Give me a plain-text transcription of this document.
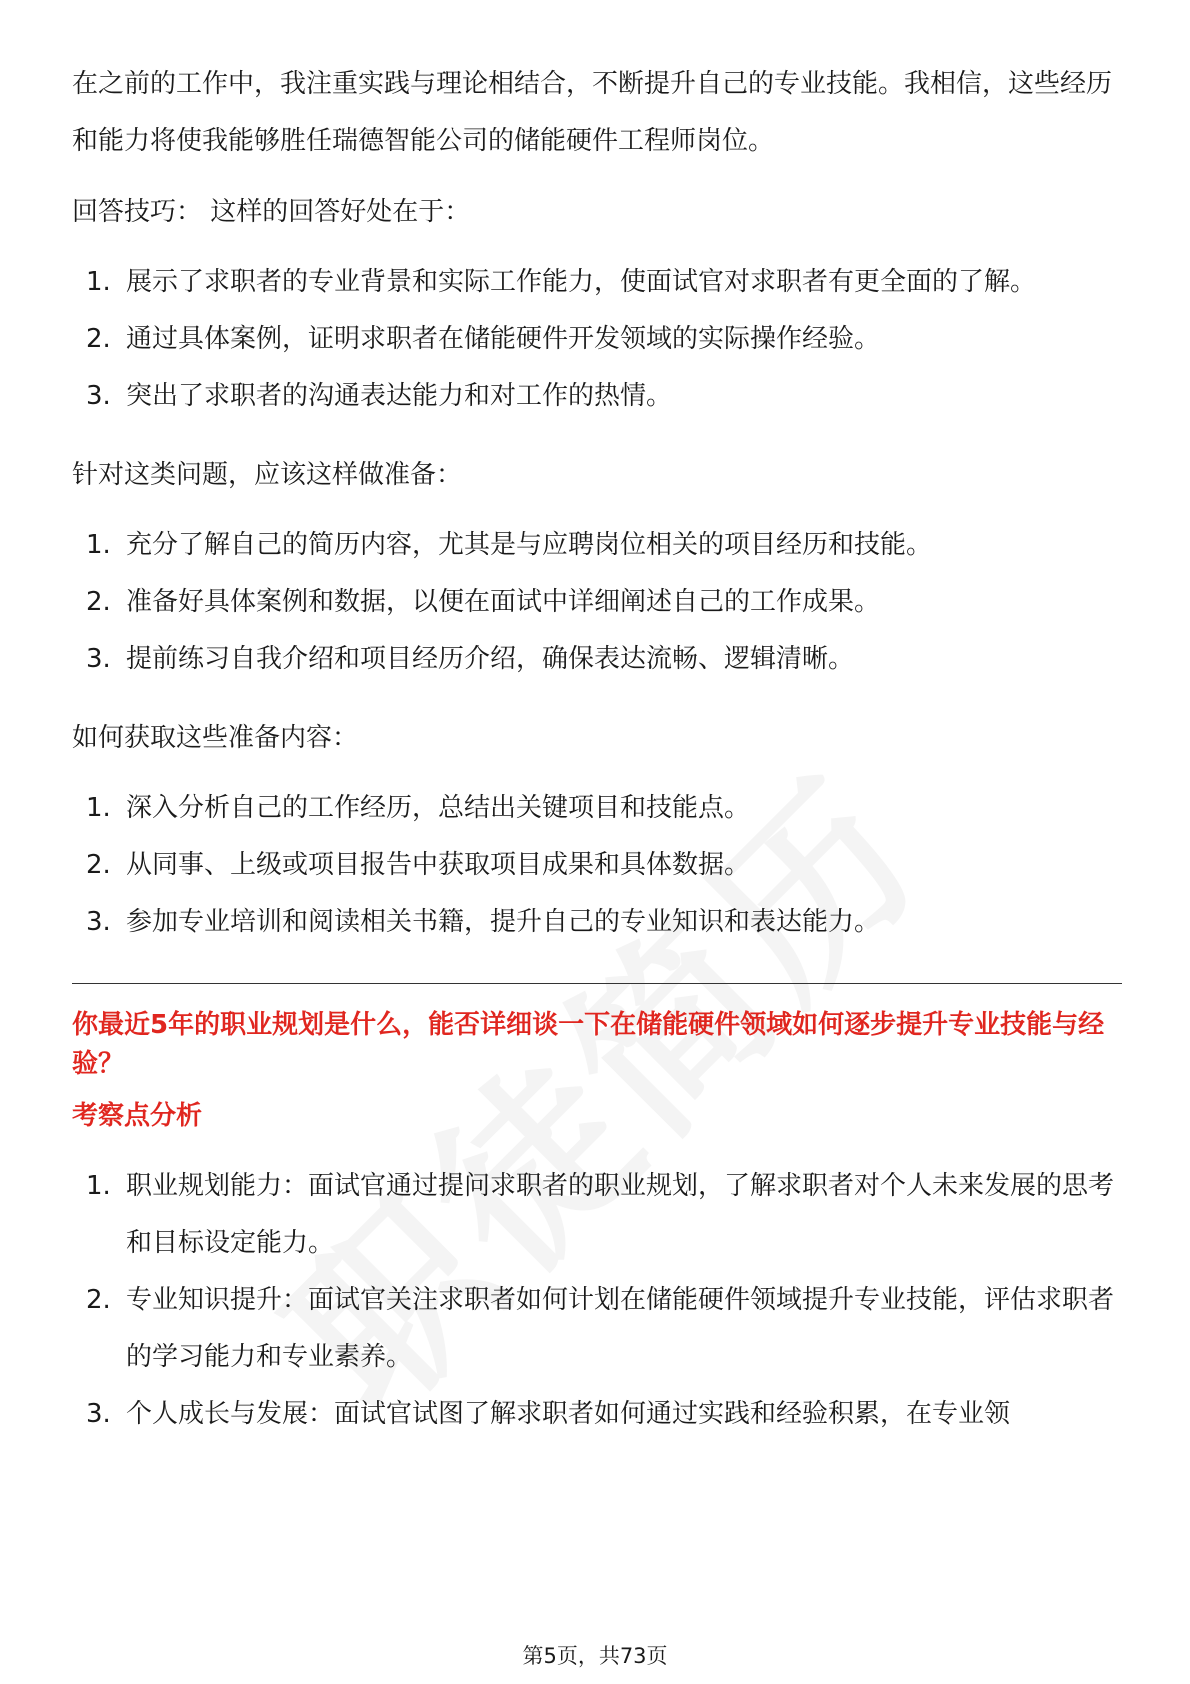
在之前的工作中，我注重实践与理论相结合，不断提升自己的专业技能。我相信，这些经历和能力将使我能够胜任瑞德智能公司的储能硬件工程师岗位。

回答技巧： 这样的回答好处在于：

1. 展示了求职者的专业背景和实际工作能力，使面试官对求职者有更全面的了解。
2. 通过具体案例，证明求职者在储能硬件开发领域的实际操作经验。
3. 突出了求职者的沟通表达能力和对工作的热情。

针对这类问题，应该这样做准备：

1. 充分了解自己的简历内容，尤其是与应聘岗位相关的项目经历和技能。
2. 准备好具体案例和数据，以便在面试中详细阐述自己的工作成果。
3. 提前练习自我介绍和项目经历介绍，确保表达流畅、逻辑清晰。

如何获取这些准备内容：

1. 深入分析自己的工作经历，总结出关键项目和技能点。
2. 从同事、上级或项目报告中获取项目成果和具体数据。
3. 参加专业培训和阅读相关书籍，提升自己的专业知识和表达能力。

你最近5年的职业规划是什么，能否详细谈一下在储能硬件领域如何逐步提升专业技能与经验？

考察点分析

1. 职业规划能力：面试官通过提问求职者的职业规划，了解求职者对个人未来发展的思考和目标设定能力。
2. 专业知识提升：面试官关注求职者如何计划在储能硬件领域提升专业技能，评估求职者的学习能力和专业素养。
3. 个人成长与发展：面试官试图了解求职者如何通过实践和经验积累，在专业领
第5页，共73页
